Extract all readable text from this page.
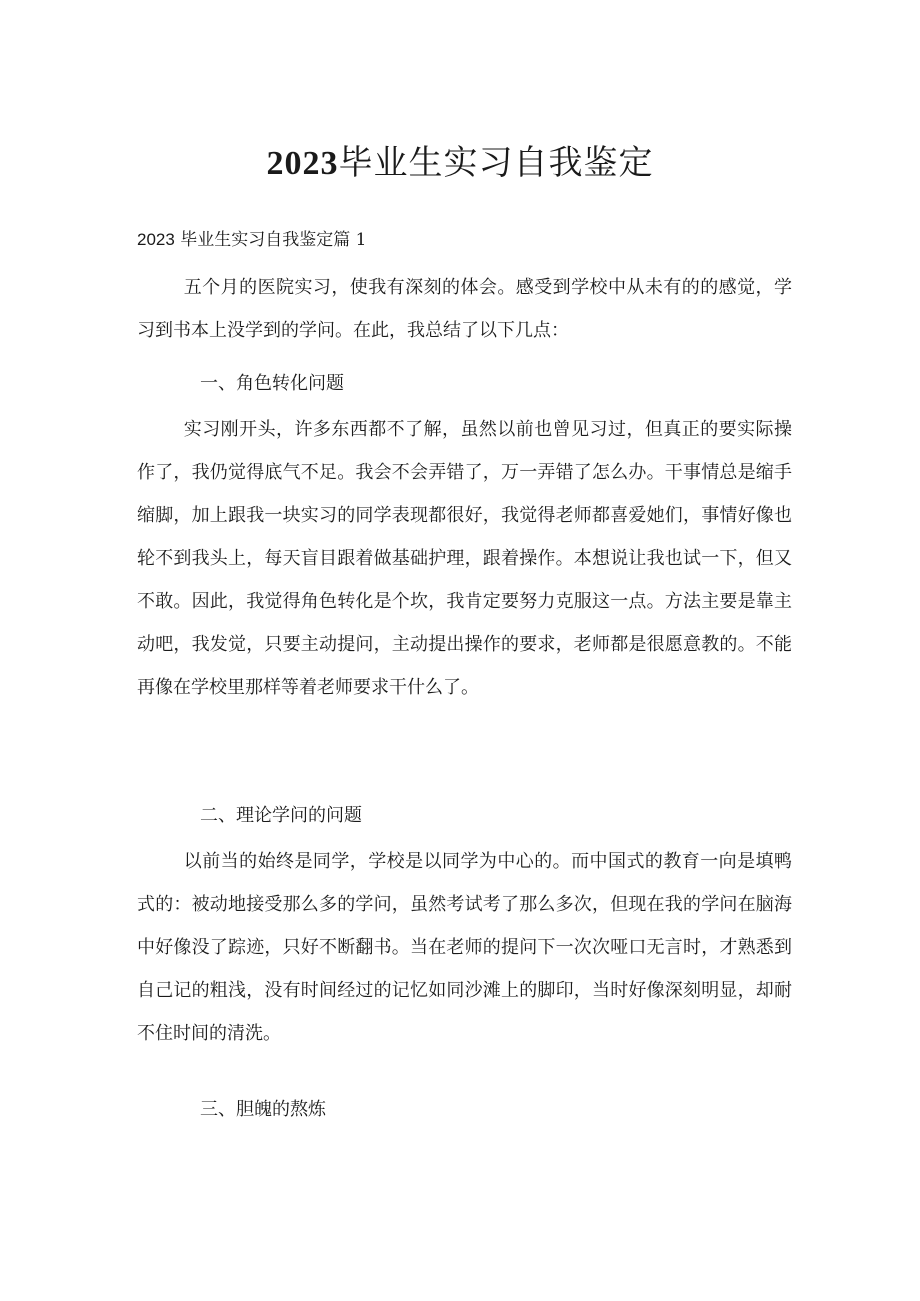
2023毕业生实习自我鉴定
2023 毕业生实习自我鉴定篇 1

五个月的医院实习，使我有深刻的体会。感受到学校中从未有的的感觉，学习到书本上没学到的学问。在此，我总结了以下几点：

一、角色转化问题

实习刚开头，许多东西都不了解，虽然以前也曾见习过，但真正的要实际操作了，我仍觉得底气不足。我会不会弄错了，万一弄错了怎么办。干事情总是缩手缩脚，加上跟我一块实习的同学表现都很好，我觉得老师都喜爱她们，事情好像也轮不到我头上，每天盲目跟着做基础护理，跟着操作。本想说让我也试一下，但又不敢。因此，我觉得角色转化是个坎，我肯定要努力克服这一点。方法主要是靠主动吧，我发觉，只要主动提问，主动提出操作的要求，老师都是很愿意教的。不能再像在学校里那样等着老师要求干什么了。

二、理论学问的问题

以前当的始终是同学，学校是以同学为中心的。而中国式的教育一向是填鸭式的：被动地接受那么多的学问，虽然考试考了那么多次，但现在我的学问在脑海中好像没了踪迹，只好不断翻书。当在老师的提问下一次次哑口无言时，才熟悉到自己记的粗浅，没有时间经过的记忆如同沙滩上的脚印，当时好像深刻明显，却耐不住时间的清洗。

三、胆魄的熬炼
